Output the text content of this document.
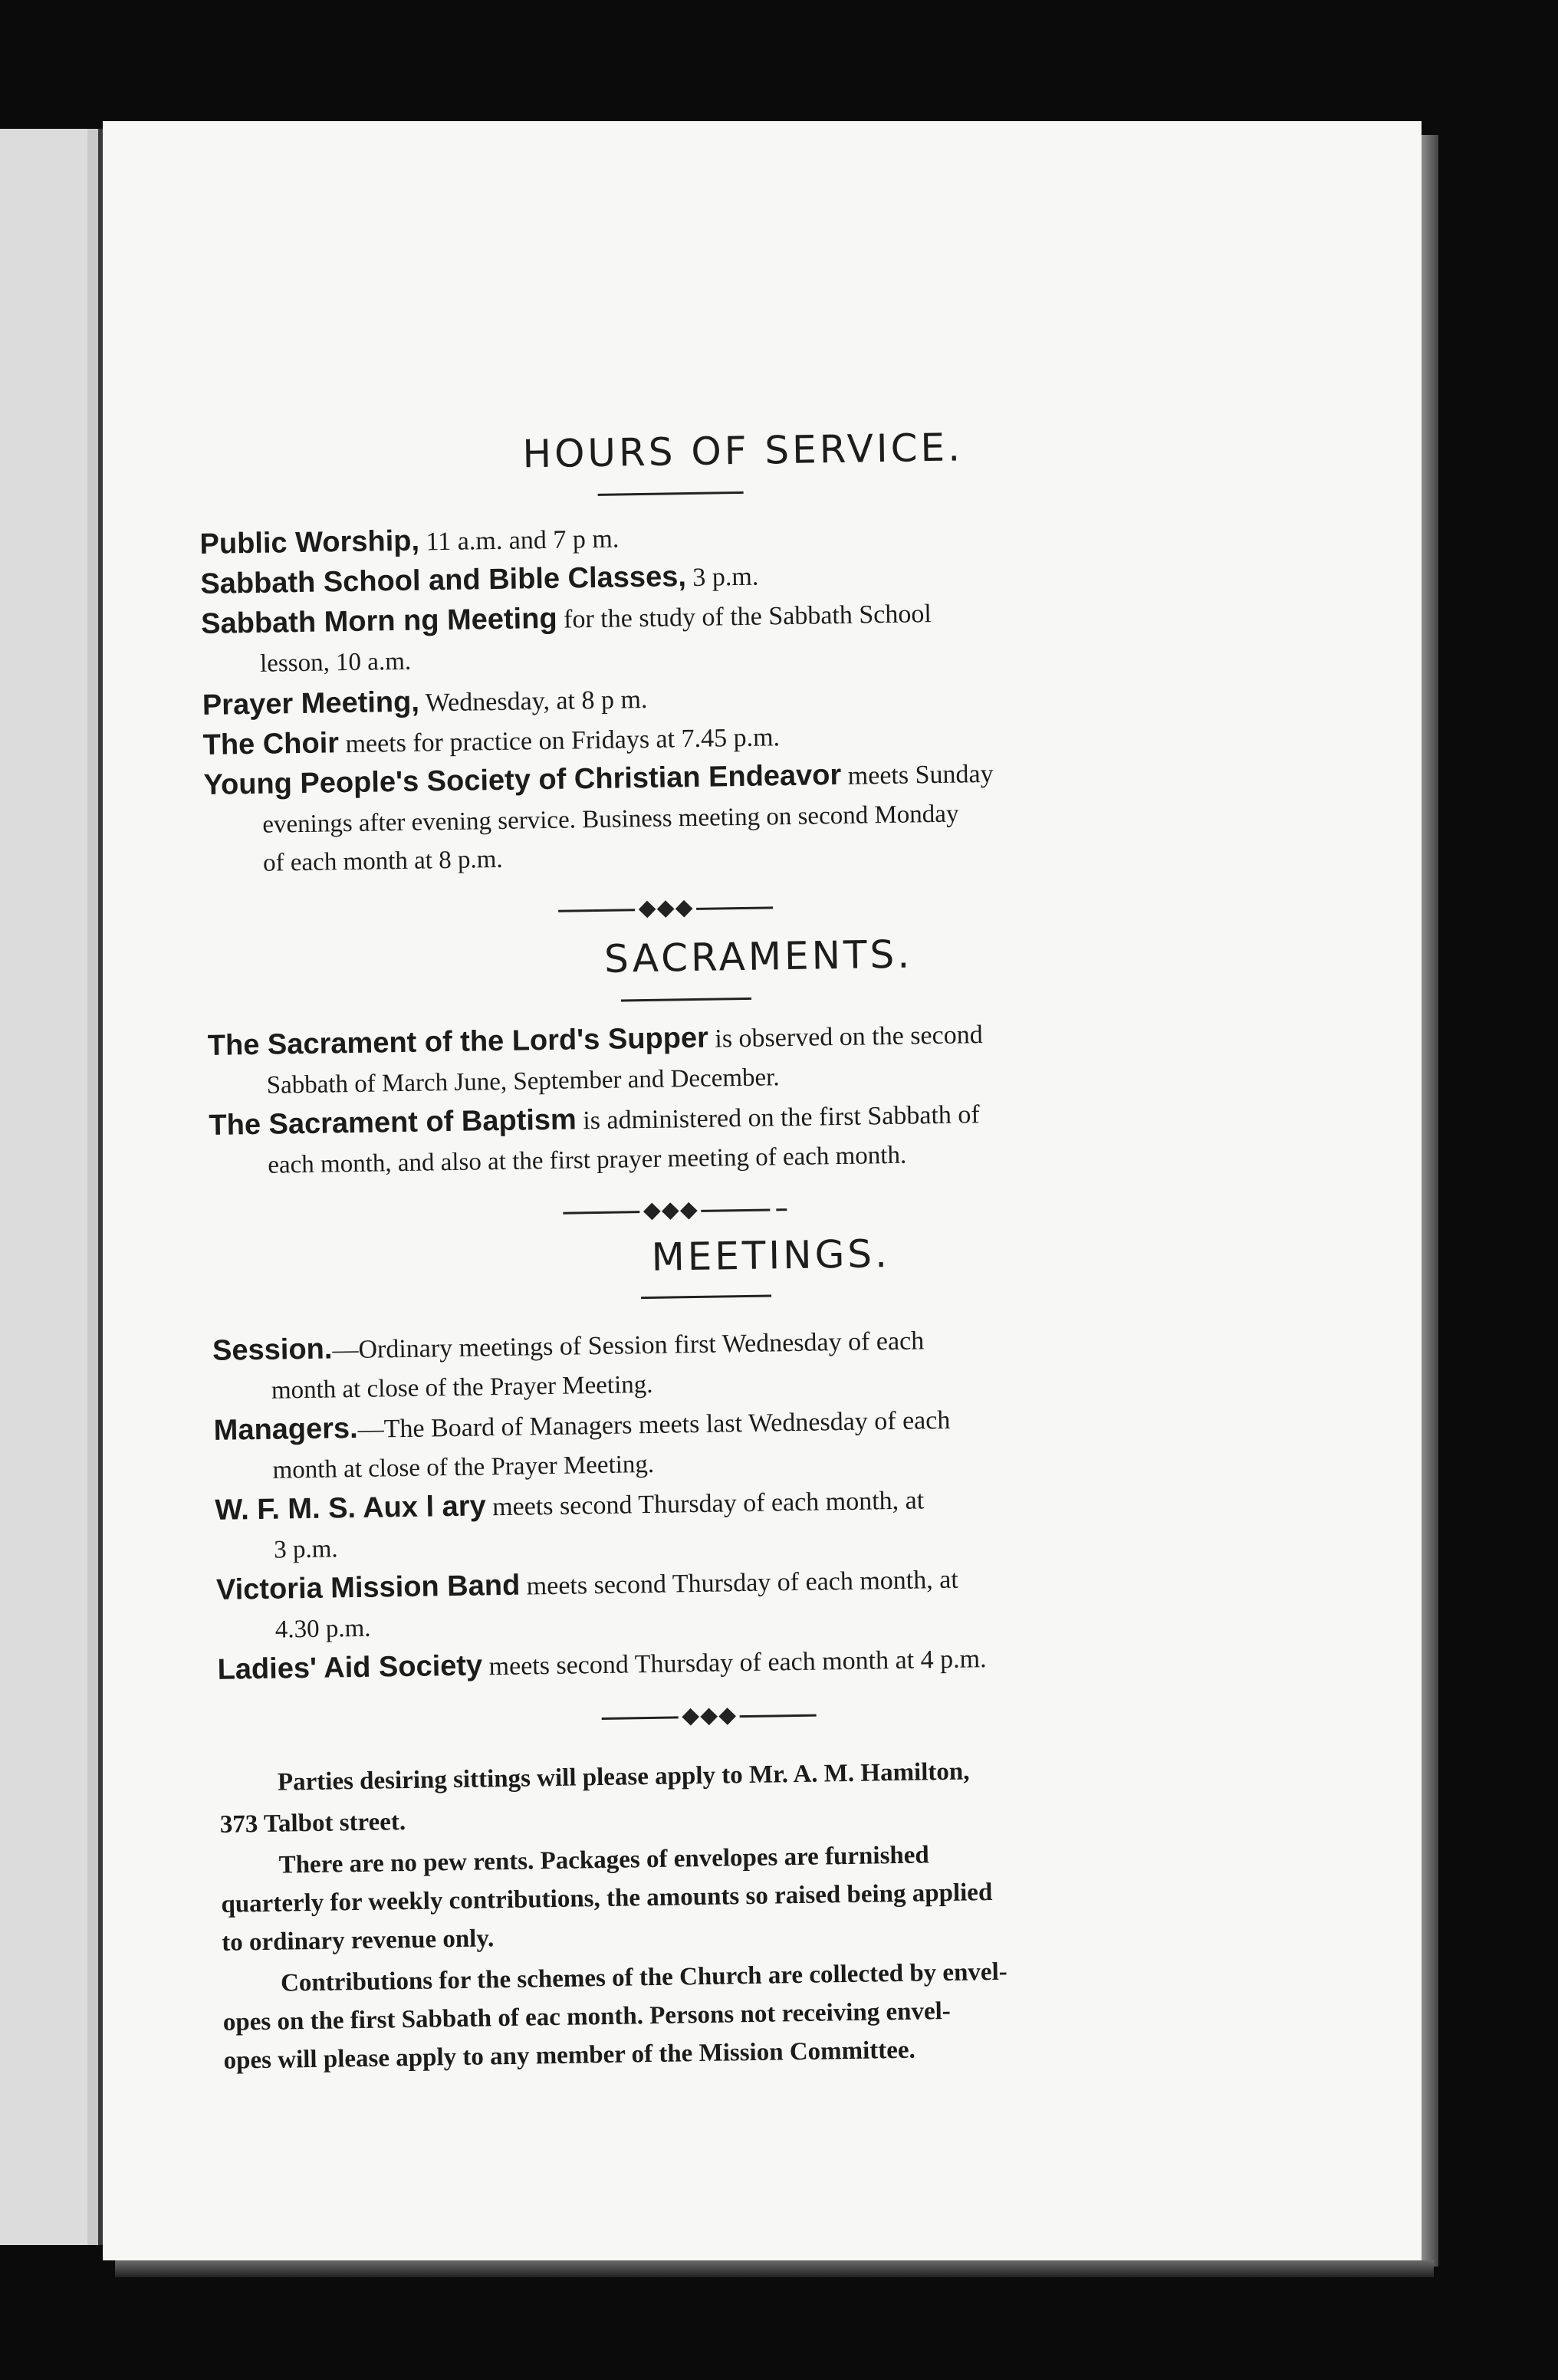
HOURS OF SERVICE.
Public Worship, 11 a.m. and 7 p m.
Sabbath School and Bible Classes, 3 p.m.
Sabbath Morn ng Meeting for the study of the Sabbath School
lesson, 10 a.m.
Prayer Meeting, Wednesday, at 8 p m.
The Choir meets for practice on Fridays at 7.45 p.m.
Young People's Society of Christian Endeavor meets Sunday
evenings after evening service. Business meeting on second Monday
of each month at 8 p.m.
SACRAMENTS.
The Sacrament of the Lord's Supper is observed on the second
Sabbath of March June, September and December.
The Sacrament of Baptism is administered on the first Sabbath of
each month, and also at the first prayer meeting of each month.
MEETINGS.
Session.—Ordinary meetings of Session first Wednesday of each
month at close of the Prayer Meeting.
Managers.—The Board of Managers meets last Wednesday of each
month at close of the Prayer Meeting.
W. F. M. S. Aux l ary meets second Thursday of each month, at
3 p.m.
Victoria Mission Band meets second Thursday of each month, at
4.30 p.m.
Ladies' Aid Society meets second Thursday of each month at 4 p.m.
Parties desiring sittings will please apply to Mr. A. M. Hamilton,
373 Talbot street.
There are no pew rents. Packages of envelopes are furnished
quarterly for weekly contributions, the amounts so raised being applied
to ordinary revenue only.
Contributions for the schemes of the Church are collected by envel-
opes on the first Sabbath of eac month. Persons not receiving envel-
opes will please apply to any member of the Mission Committee.
